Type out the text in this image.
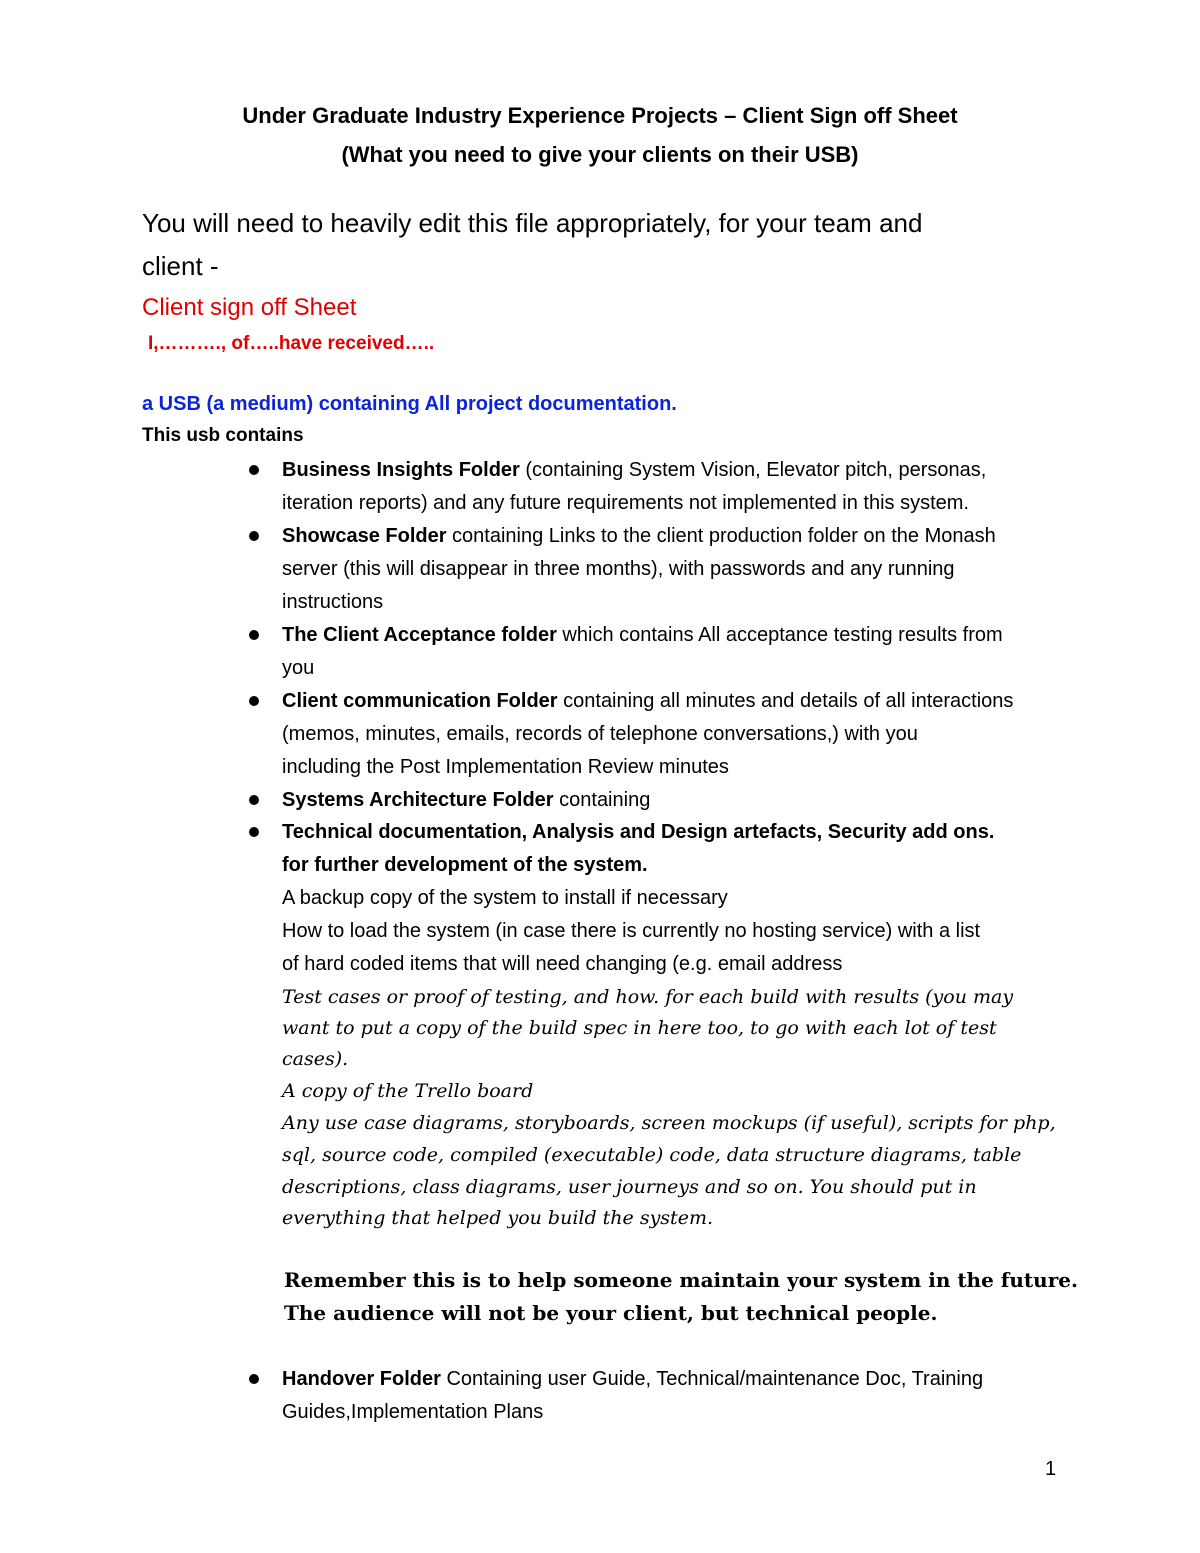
Under Graduate Industry Experience Projects – Client Sign off Sheet

(What you need to give your clients on their USB)

You will need to heavily edit this file appropriately, for your team and

client -

Client sign off Sheet

I,………., of…..have received…..

a USB (a medium) containing All project documentation.

This usb contains

Business Insights Folder (containing System Vision, Elevator pitch, personas,

iteration reports) and any future requirements not implemented in this system.

Showcase Folder containing Links to the client production folder on the Monash

server (this will disappear in three months), with passwords and any running

instructions

The Client Acceptance folder which contains All acceptance testing results from

you

Client communication Folder containing all minutes and details of all interactions

(memos, minutes, emails, records of telephone conversations,) with you

including the Post Implementation Review minutes

Systems Architecture Folder containing

Technical documentation, Analysis and Design artefacts, Security add ons.

for further development of the system.

A backup copy of the system to install if necessary

How to load the system (in case there is currently no hosting service) with a list

of hard coded items that will need changing (e.g. email address

Test cases or proof of testing, and how. for each build with results (you may

want to put a copy of the build spec in here too, to go with each lot of test

cases).

A copy of the Trello board

Any use case diagrams, storyboards, screen mockups (if useful), scripts for php,

sql, source code, compiled (executable) code, data structure diagrams, table

descriptions, class diagrams, user journeys and so on. You should put in

everything that helped you build the system.

Remember this is to help someone maintain your system in the future.

The audience will not be your client, but technical people.

Handover Folder Containing user Guide, Technical/maintenance Doc, Training

Guides,Implementation Plans

1
